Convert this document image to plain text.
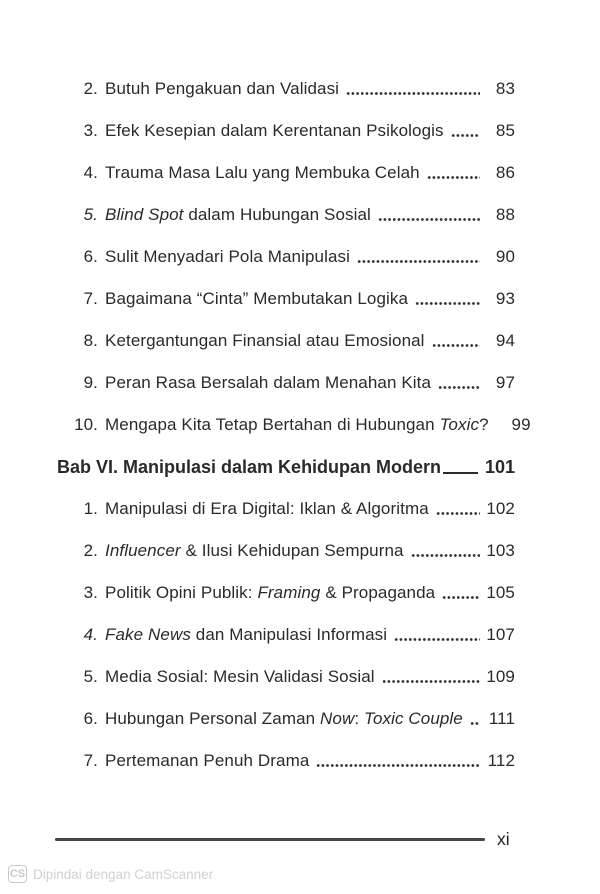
2. Butuh Pengakuan dan Validasi	83
3. Efek Kesepian dalam Kerentanan Psikologis	85
4. Trauma Masa Lalu yang Membuka Celah	86
5. Blind Spot dalam Hubungan Sosial	88
6. Sulit Menyadari Pola Manipulasi	90
7. Bagaimana “Cinta” Membutakan Logika	93
8. Ketergantungan Finansial atau Emosional	94
9. Peran Rasa Bersalah dalam Menahan Kita	97
10. Mengapa Kita Tetap Bertahan di Hubungan Toxic?	99
Bab VI. Manipulasi dalam Kehidupan Modern 101
1. Manipulasi di Era Digital: Iklan & Algoritma	102
2. Influencer & Ilusi Kehidupan Sempurna	103
3. Politik Opini Publik: Framing & Propaganda	105
4. Fake News dan Manipulasi Informasi	107
5. Media Sosial: Mesin Validasi Sosial	109
6. Hubungan Personal Zaman Now: Toxic Couple 111
7. Pertemanan Penuh Drama	112
xi
CS Dipindai dengan CamScanner
